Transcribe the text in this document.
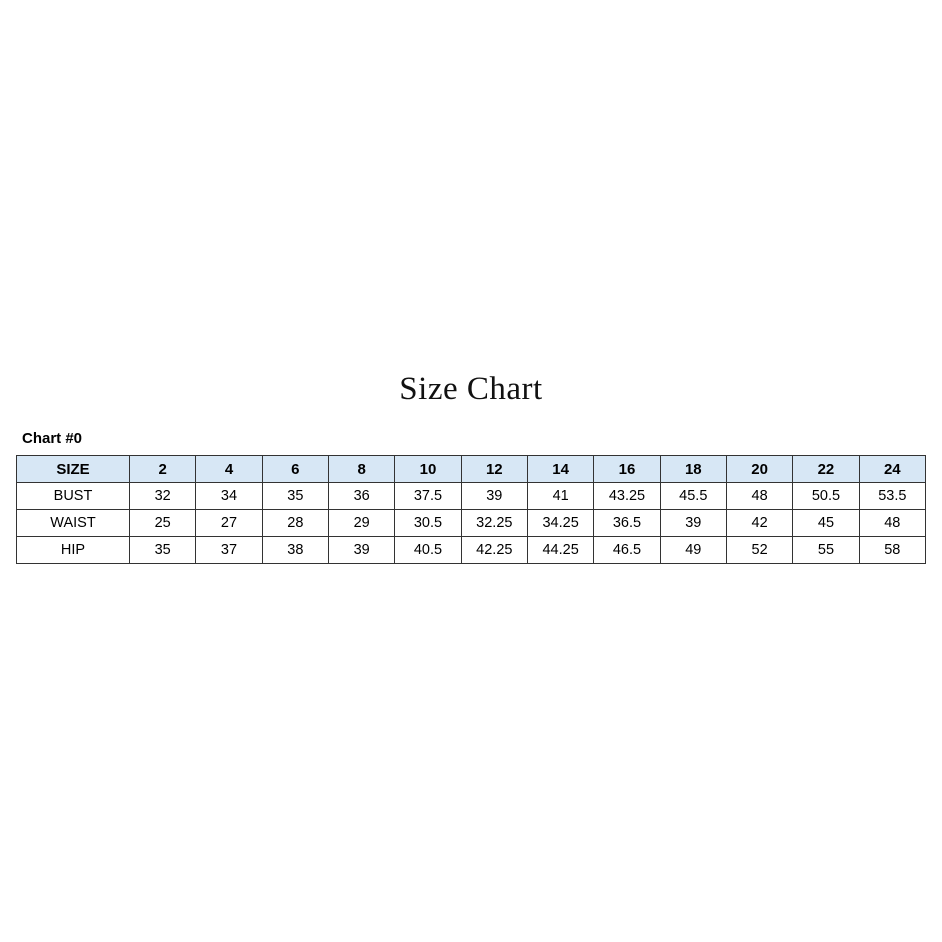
Size Chart
Chart #0
SIZE	2	4	6	8	10	12	14	16	18	20	22	24
BUST	32	34	35	36	37.5	39	41	43.25	45.5	48	50.5	53.5
WAIST	25	27	28	29	30.5	32.25	34.25	36.5	39	42	45	48
HIP	35	37	38	39	40.5	42.25	44.25	46.5	49	52	55	58
